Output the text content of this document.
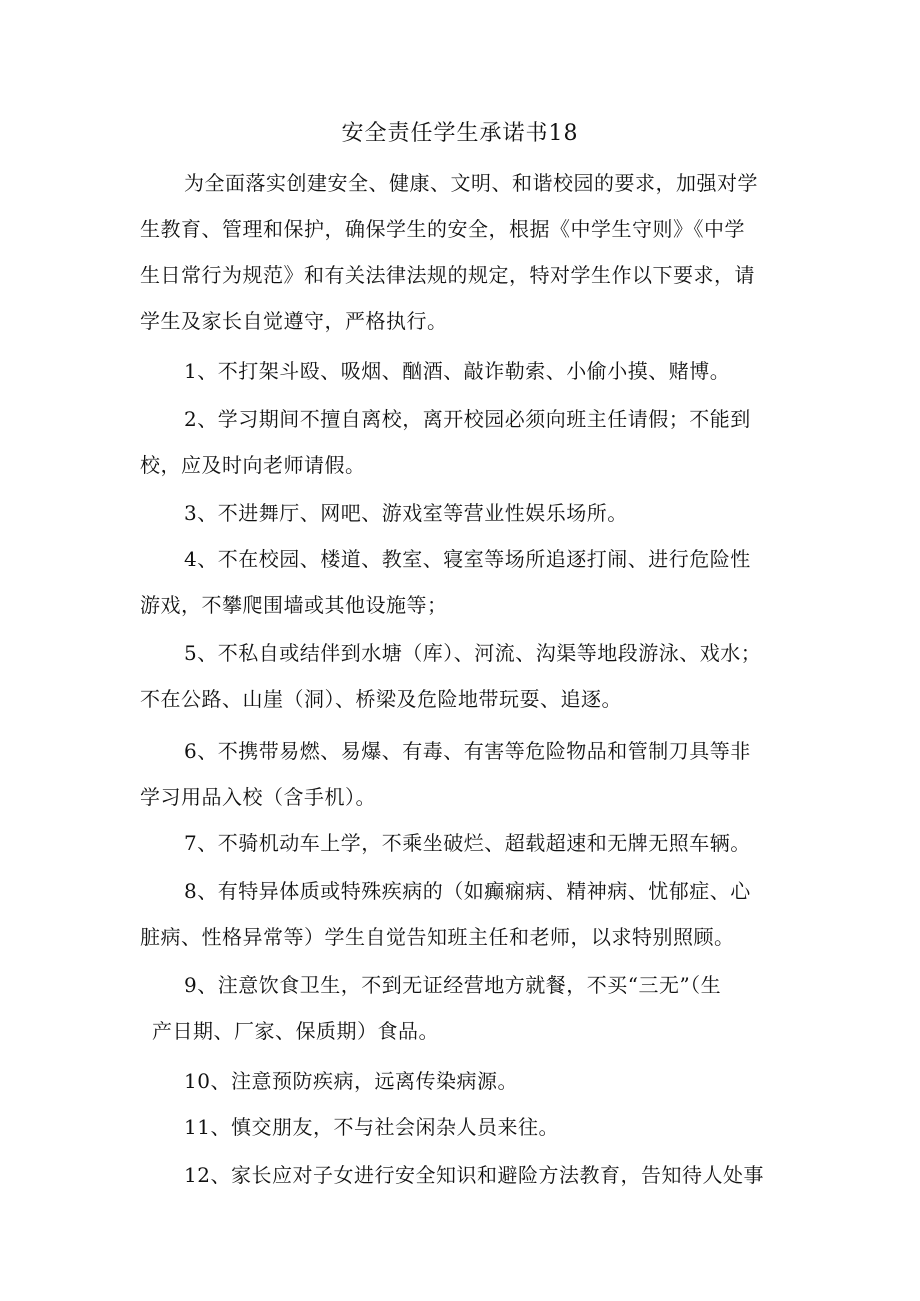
安全责任学生承诺书18
为全面落实创建安全、健康、文明、和谐校园的要求，加强对学
生教育、管理和保护，确保学生的安全，根据《中学生守则》《中学
生日常行为规范》和有关法律法规的规定，特对学生作以下要求，请
学生及家长自觉遵守，严格执行。
1、不打架斗殴、吸烟、酗酒、敲诈勒索、小偷小摸、赌博。
2、学习期间不擅自离校，离开校园必须向班主任请假；不能到
校，应及时向老师请假。
3、不进舞厅、网吧、游戏室等营业性娱乐场所。
4、不在校园、楼道、教室、寝室等场所追逐打闹、进行危险性
游戏，不攀爬围墙或其他设施等；
5、不私自或结伴到水塘（库）、河流、沟渠等地段游泳、戏水；
不在公路、山崖（洞）、桥梁及危险地带玩耍、追逐。
6、不携带易燃、易爆、有毒、有害等危险物品和管制刀具等非
学习用品入校（含手机）。
7、不骑机动车上学，不乘坐破烂、超载超速和无牌无照车辆。
8、有特异体质或特殊疾病的（如癫痫病、精神病、忧郁症、心
脏病、性格异常等）学生自觉告知班主任和老师，以求特别照顾。
9、注意饮食卫生，不到无证经营地方就餐，不买“三无”（生
产日期、厂家、保质期）食品。
10、注意预防疾病，远离传染病源。
11、慎交朋友，不与社会闲杂人员来往。
12、家长应对子女进行安全知识和避险方法教育，告知待人处事
